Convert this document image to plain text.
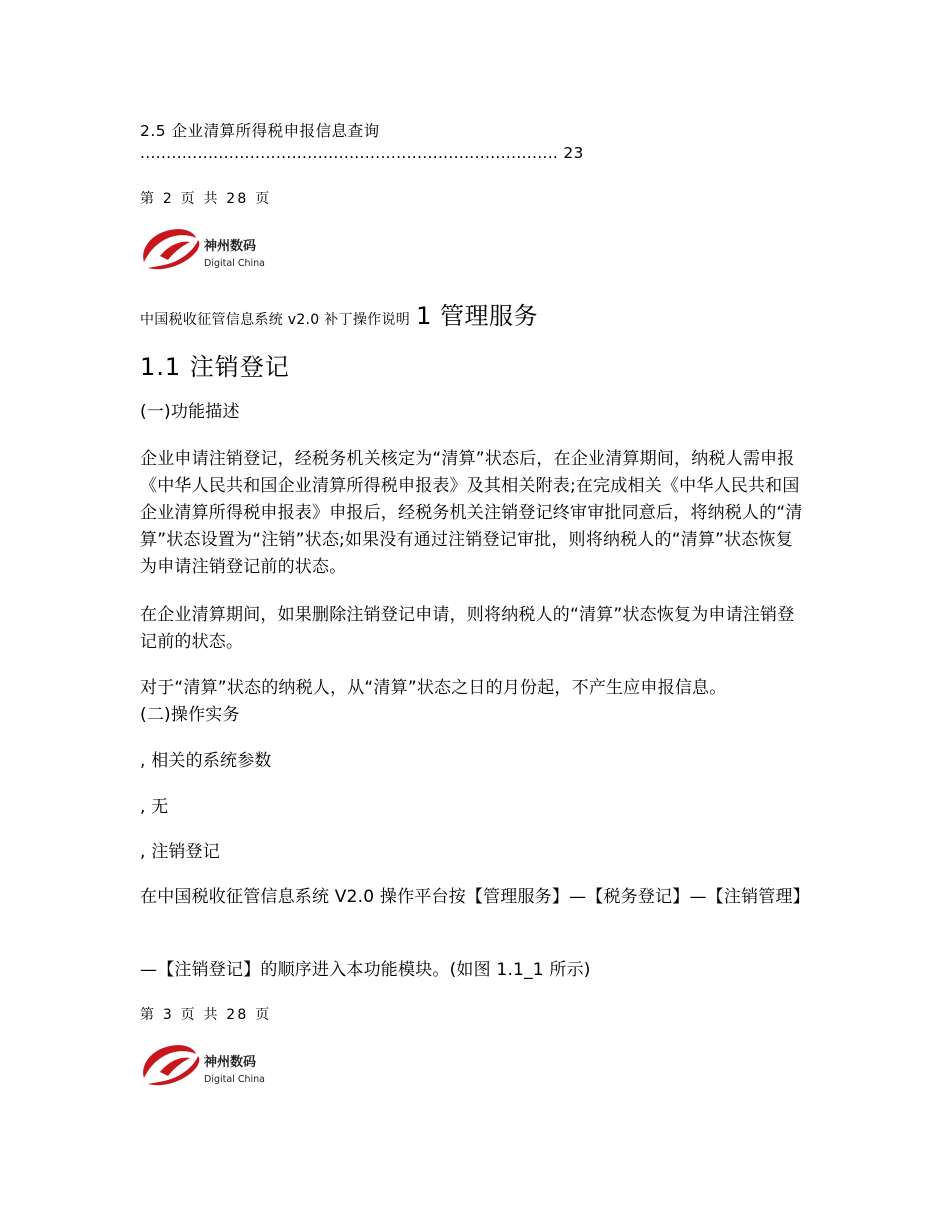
2.5 企业清算所得税申报信息查询
................................................................................ 23
第 2 页 共 28 页
神州数码
Digital China
中国税收征管信息系统 v2.0 补丁操作说明 1 管理服务
1.1 注销登记
(一)功能描述
企业申请注销登记，经税务机关核定为“清算”状态后，在企业清算期间，纳税人需申报《中华人民共和国企业清算所得税申报表》及其相关附表;在完成相关《中华人民共和国企业清算所得税申报表》申报后，经税务机关注销登记终审审批同意后，将纳税人的“清算”状态设置为“注销”状态;如果没有通过注销登记审批，则将纳税人的“清算”状态恢复为申请注销登记前的状态。
在企业清算期间，如果删除注销登记申请，则将纳税人的“清算”状态恢复为申请注销登记前的状态。
对于“清算”状态的纳税人，从“清算”状态之日的月份起，不产生应申报信息。
(二)操作实务
, 相关的系统参数
, 无
, 注销登记
在中国税收征管信息系统 V2.0 操作平台按【管理服务】—【税务登记】—【注销管理】
—【注销登记】的顺序进入本功能模块。(如图 1.1_1 所示)
第 3 页 共 28 页
神州数码
Digital China
